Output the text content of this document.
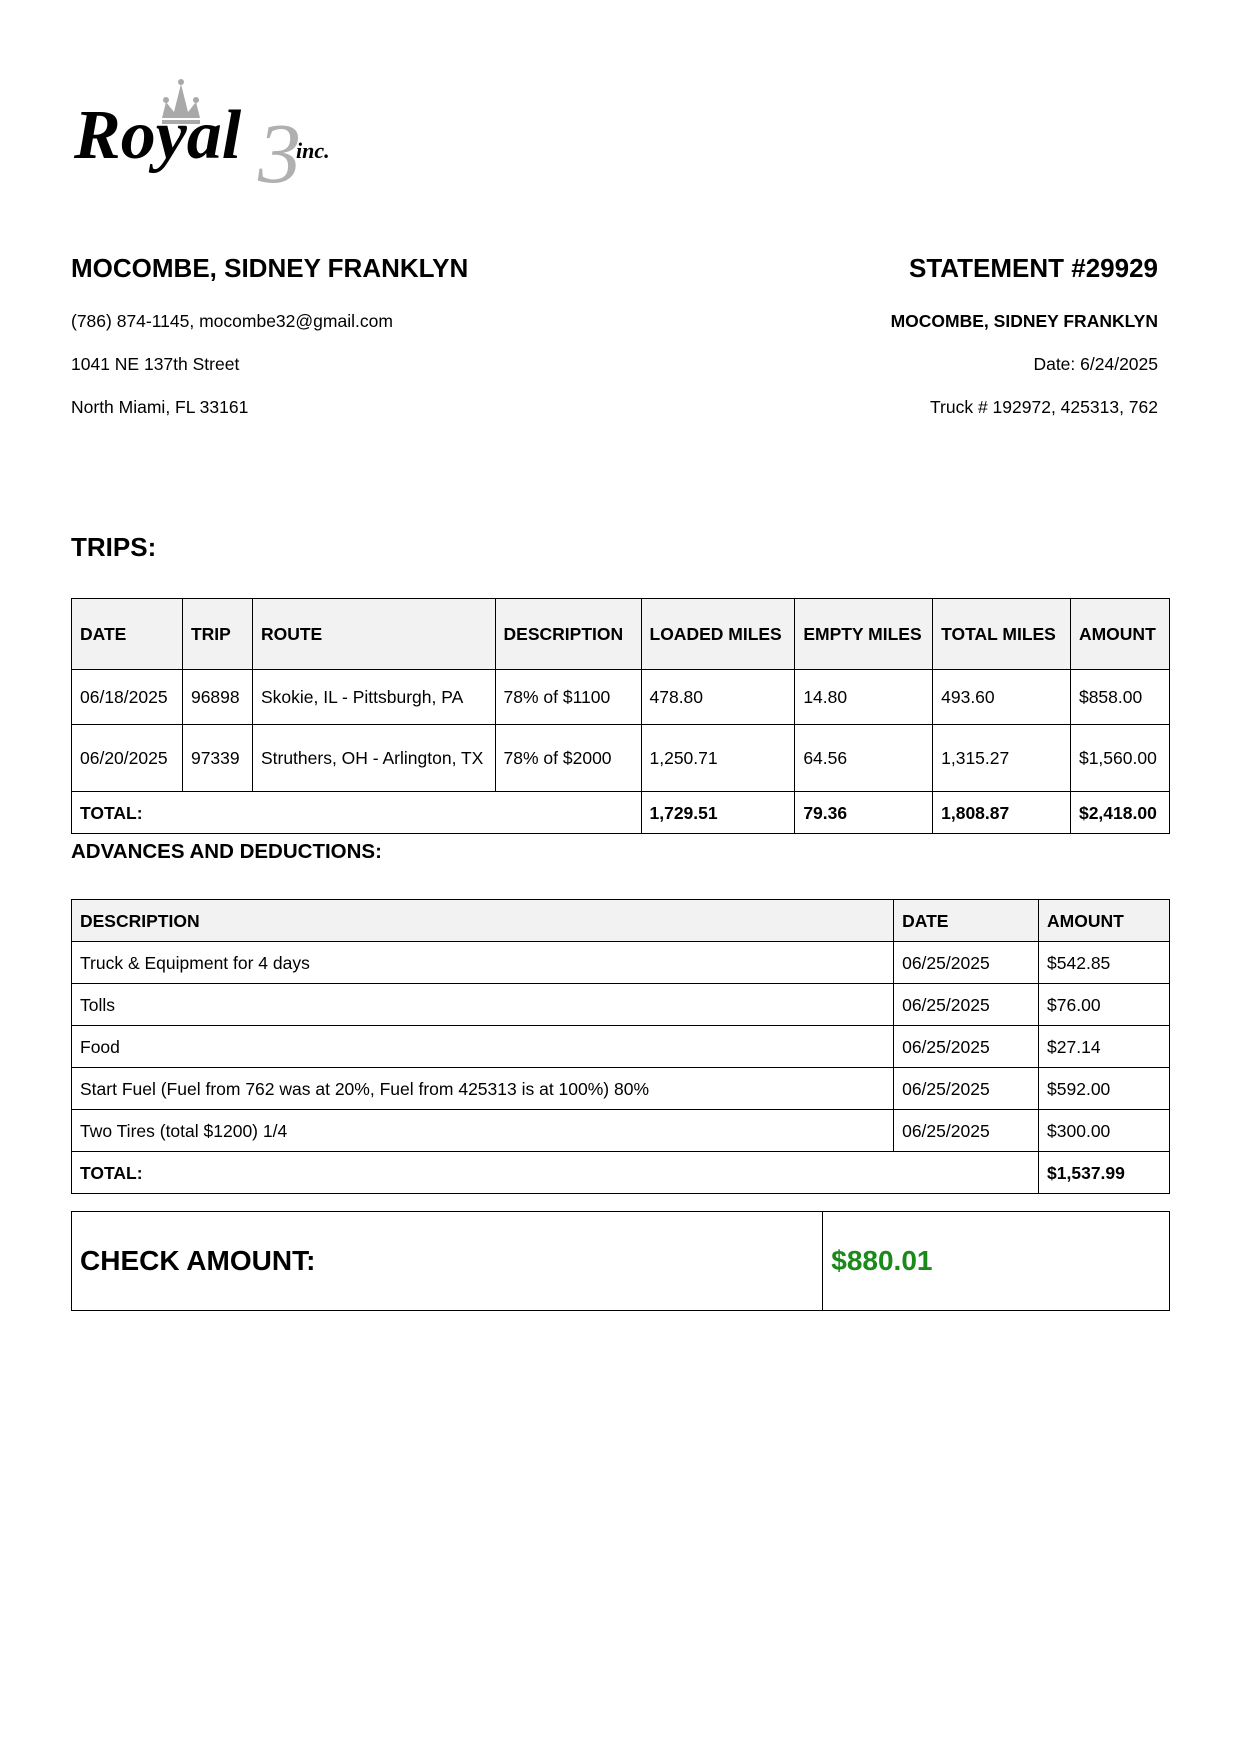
3
Royal inc.

MOCOMBE, SIDNEY FRANKLYN

(786) 874-1145, mocombe32@gmail.com

1041 NE 137th Street

North Miami, FL 33161

STATEMENT #29929

MOCOMBE, SIDNEY FRANKLYN

Date: 6/24/2025

Truck # 192972, 425313, 762

TRIPS:

DATE	TRIP	ROUTE	DESCRIPTION	LOADED MILES	EMPTY MILES	TOTAL MILES	AMOUNT
06/18/2025	96898	Skokie, IL - Pittsburgh, PA	78% of $1100	478.80	14.80	493.60	$858.00
06/20/2025	97339	Struthers, OH - Arlington, TX	78% of $2000	1,250.71	64.56	1,315.27	$1,560.00
TOTAL:				1,729.51	79.36	1,808.87	$2,418.00

ADVANCES AND DEDUCTIONS:

DESCRIPTION	DATE	AMOUNT
Truck & Equipment for 4 days	06/25/2025	$542.85
Tolls	06/25/2025	$76.00
Food	06/25/2025	$27.14
Start Fuel (Fuel from 762 was at 20%, Fuel from 425313 is at 100%) 80%	06/25/2025	$592.00
Two Tires (total $1200) 1/4	06/25/2025	$300.00
TOTAL:		$1,537.99
CHECK AMOUNT:	$880.01
